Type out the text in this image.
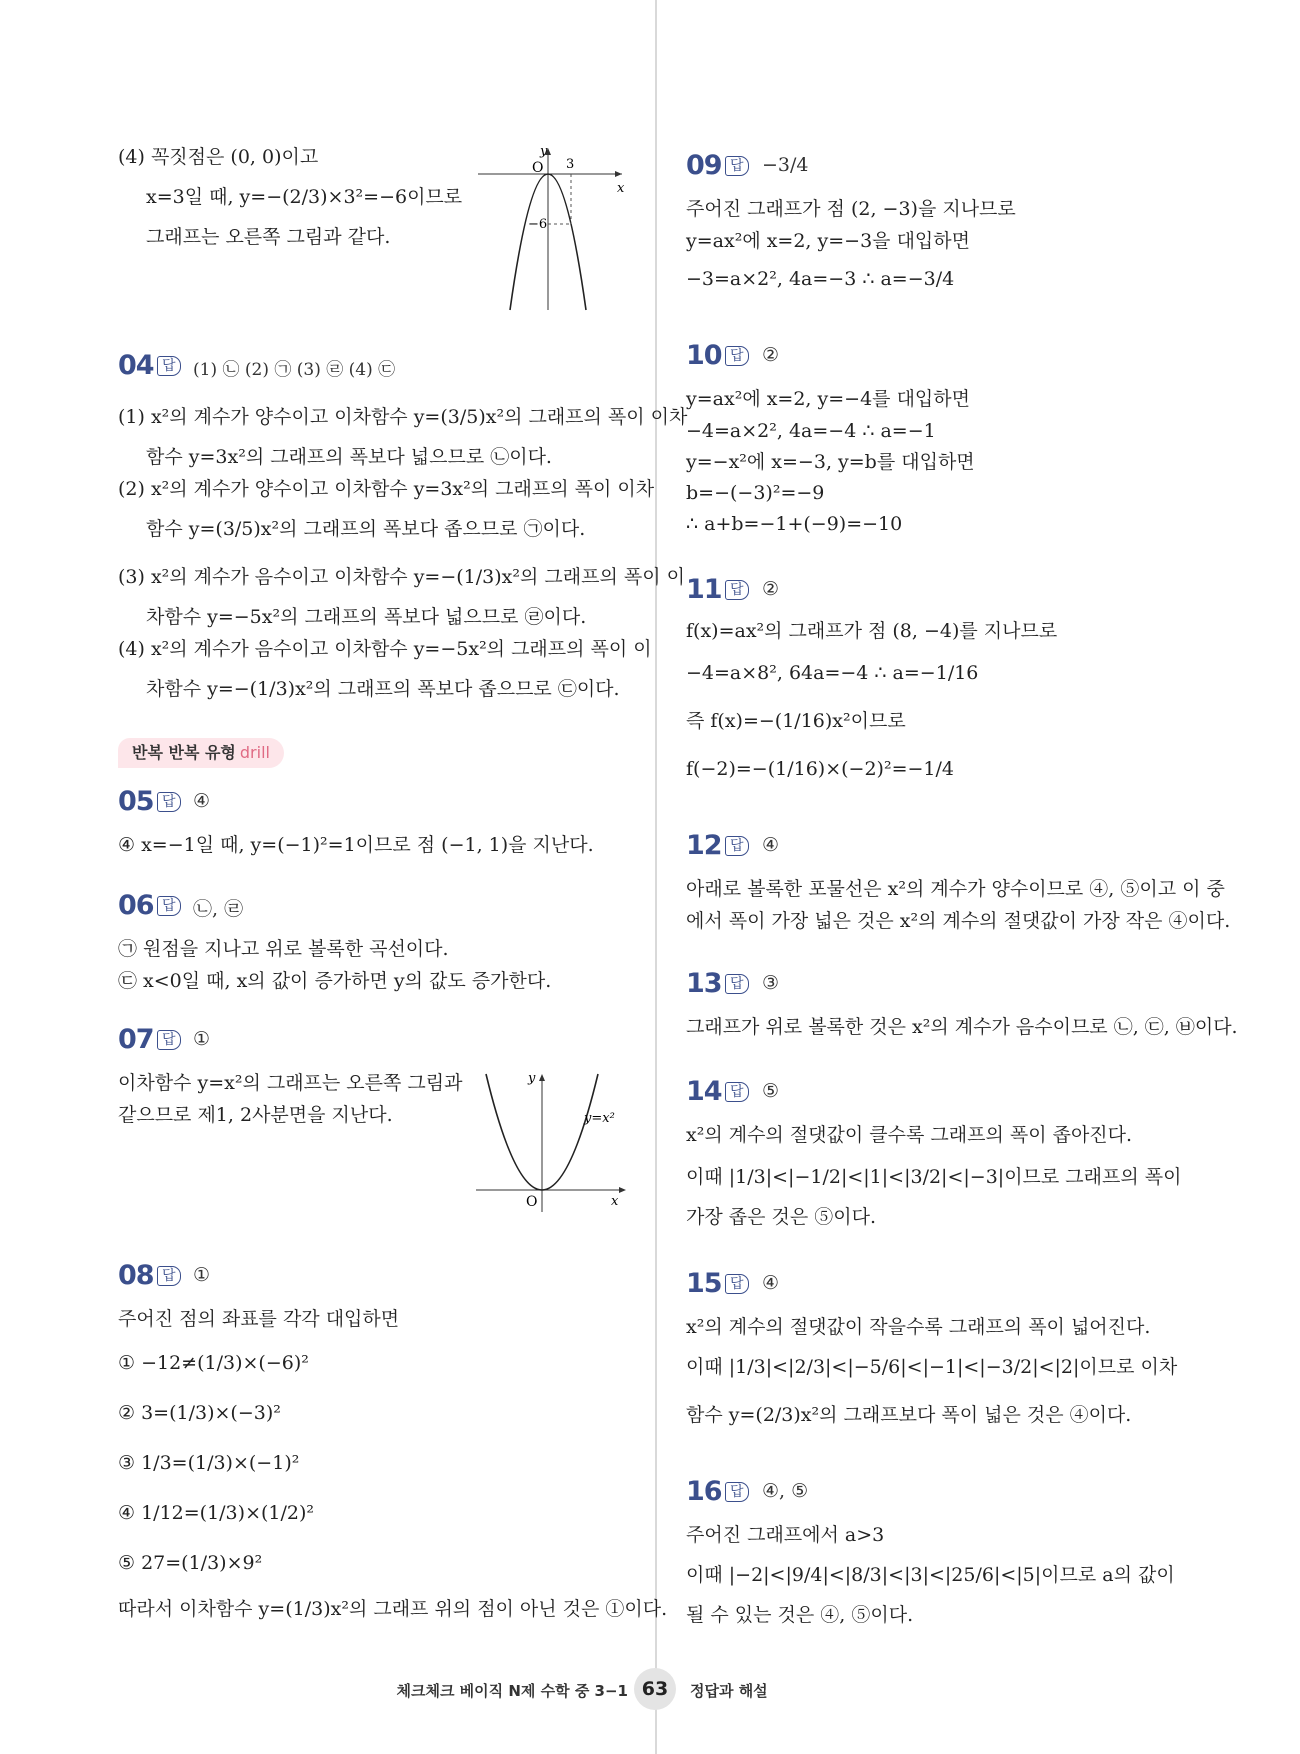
(4) 꼭짓점은 (0, 0)이고
x=3일 때, y=−(2/3)×3²=−6이므로
그래프는 오른쪽 그림과 같다.
y
x
O 3
−6
04 답 (1) ㉡ (2) ㉠ (3) ㉣ (4) ㉢
(1) x²의 계수가 양수이고 이차함수 y=(3/5)x²의 그래프의 폭이 이차
함수 y=3x²의 그래프의 폭보다 넓으므로 ㉡이다.
(2) x²의 계수가 양수이고 이차함수 y=3x²의 그래프의 폭이 이차
함수 y=(3/5)x²의 그래프의 폭보다 좁으므로 ㉠이다.
(3) x²의 계수가 음수이고 이차함수 y=−(1/3)x²의 그래프의 폭이 이
차함수 y=−5x²의 그래프의 폭보다 넓으므로 ㉣이다.
(4) x²의 계수가 음수이고 이차함수 y=−5x²의 그래프의 폭이 이
차함수 y=−(1/3)x²의 그래프의 폭보다 좁으므로 ㉢이다.
반복 반복 유형 drill
05 답 ④
④ x=−1일 때, y=(−1)²=1이므로 점 (−1, 1)을 지난다.
06 답 ㉡, ㉣
㉠ 원점을 지나고 위로 볼록한 곡선이다.
㉢ x<0일 때, x의 값이 증가하면 y의 값도 증가한다.
07 답 ①
이차함수 y=x²의 그래프는 오른쪽 그림과
같으므로 제1, 2사분면을 지난다.
y
x
O
y=x²
08 답 ①
주어진 점의 좌표를 각각 대입하면
① −12≠(1/3)×(−6)²
② 3=(1/3)×(−3)²
③ 1/3=(1/3)×(−1)²
④ 1/12=(1/3)×(1/2)²
⑤ 27=(1/3)×9²
따라서 이차함수 y=(1/3)x²의 그래프 위의 점이 아닌 것은 ①이다.
09 답 −3/4
주어진 그래프가 점 (2, −3)을 지나므로
y=ax²에 x=2, y=−3을 대입하면
−3=a×2², 4a=−3 ∴ a=−3/4
10 답 ②
y=ax²에 x=2, y=−4를 대입하면
−4=a×2², 4a=−4 ∴ a=−1
y=−x²에 x=−3, y=b를 대입하면
b=−(−3)²=−9
∴ a+b=−1+(−9)=−10
11 답 ②
f(x)=ax²의 그래프가 점 (8, −4)를 지나므로
−4=a×8², 64a=−4 ∴ a=−1/16
즉 f(x)=−(1/16)x²이므로
f(−2)=−(1/16)×(−2)²=−1/4
12 답 ④
아래로 볼록한 포물선은 x²의 계수가 양수이므로 ④, ⑤이고 이 중
에서 폭이 가장 넓은 것은 x²의 계수의 절댓값이 가장 작은 ④이다.
13 답 ③
그래프가 위로 볼록한 것은 x²의 계수가 음수이므로 ㉡, ㉢, ㉥이다.
14 답 ⑤
x²의 계수의 절댓값이 클수록 그래프의 폭이 좁아진다.
이때 |1/3|<|−1/2|<|1|<|3/2|<|−3|이므로 그래프의 폭이
가장 좁은 것은 ⑤이다.
15 답 ④
x²의 계수의 절댓값이 작을수록 그래프의 폭이 넓어진다.
이때 |1/3|<|2/3|<|−5/6|<|−1|<|−3/2|<|2|이므로 이차
함수 y=(2/3)x²의 그래프보다 폭이 넓은 것은 ④이다.
16 답 ④, ⑤
주어진 그래프에서 a>3
이때 |−2|<|9/4|<|8/3|<|3|<|25/6|<|5|이므로 a의 값이
될 수 있는 것은 ④, ⑤이다.
체크체크 베이직 N제 수학 중 3−1 63	정답과 해설
